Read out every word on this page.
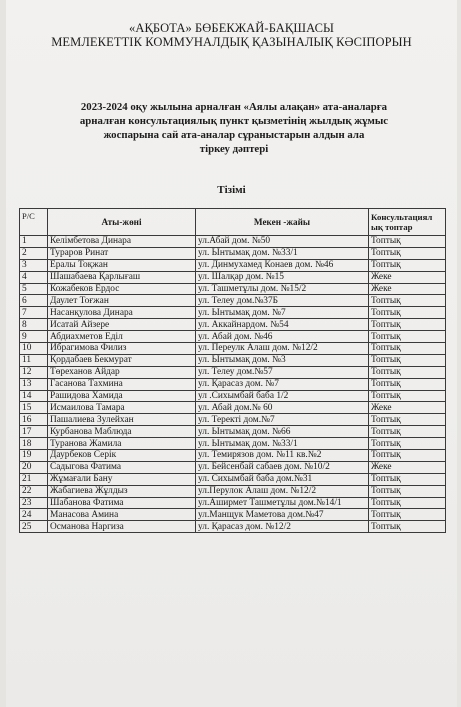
«АҚБОТА» БӨБЕКЖАЙ-БАҚШАСЫ
МЕМЛЕКЕТТІК КОММУНАЛДЫҚ ҚАЗЫНАЛЫҚ КӘСІПОРЫН
2023-2024 оқу жылына арналған «Аялы алақан» ата-аналарға
арналған консультациялық пункт қызметінің жылдық жұмыс
жоспарына сай ата-аналар сұраныстарын алдын ала
тіркеу дәптері
Тізімі
Р/С	Аты-жөні	Мекен -жайы	Консультациял ық топтар
1	Келімбетова Динара	ул.Абай дом. №50	Топтық
2	Тураров Ринат	ул. Ынтымақ дом. №33/1	Топтық
3	Ералы Тоқжан	ул. Динмухамед Конаев дом. №46	Топтық
4	Шашабаева Қарлығаш	ул. Шалқар дом. №15	Жеке
5	Кожабеков Ердос	ул. Ташметұлы дом. №15/2	Жеке
6	Даулет Тоғжан	ул. Телеу дом.№37Б	Топтық
7	Насанқулова Динара	ул. Ынтымақ дом. №7	Топтық
8	Исатай Айзере	ул. Аккайнардом. №54	Топтық
9	Абдиахметов Еділ	ул. Абай дом. №46	Топтық
10	Ибрагимова Филиз	ул. Переулк Алаш дом. №12/2	Топтық
11	Қордабаев Бекмурат	ул. Ынтымақ дом. №3	Топтық
12	Төреханов Айдар	ул. Телеу дом.№57	Топтық
13	Гасанова Тахмина	ул. Қарасаз дом. №7	Топтық
14	Рашидова Хамида	ул .Сихымбай баба 1/2	Топтық
15	Исмаилова Тамара	ул. Абай дом.№ 60	Жеке
16	Пашалиева Зулейхан	ул. Теректі дом.№7	Топтық
17	Курбанова Маблюда	ул. Ынтымақ дом. №66	Топтық
18	Туранова Жамила	ул. Ынтымақ дом. №33/1	Топтық
19	Даурбеков Серік	ул. Темирязов дом. №11 кв.№2	Топтық
20	Садыгова Фатима	ул. Бейсенбай сабаев дом. №10/2	Жеке
21	Жұмағали Бану	ул. Сихымбай баба дом.№31	Топтық
22	Жабагиева Жұлдыз	ул.Перулок Алаш дом. №12/2	Топтық
23	Шабанова Фатима	ул.Аширмет Ташметұлы дом.№14/1	Топтық
24	Манасова Амина	ул.Манщук Маметова дом.№47	Топтық
25	Османова Наргиза	ул. Қарасаз дом. №12/2	Топтық
